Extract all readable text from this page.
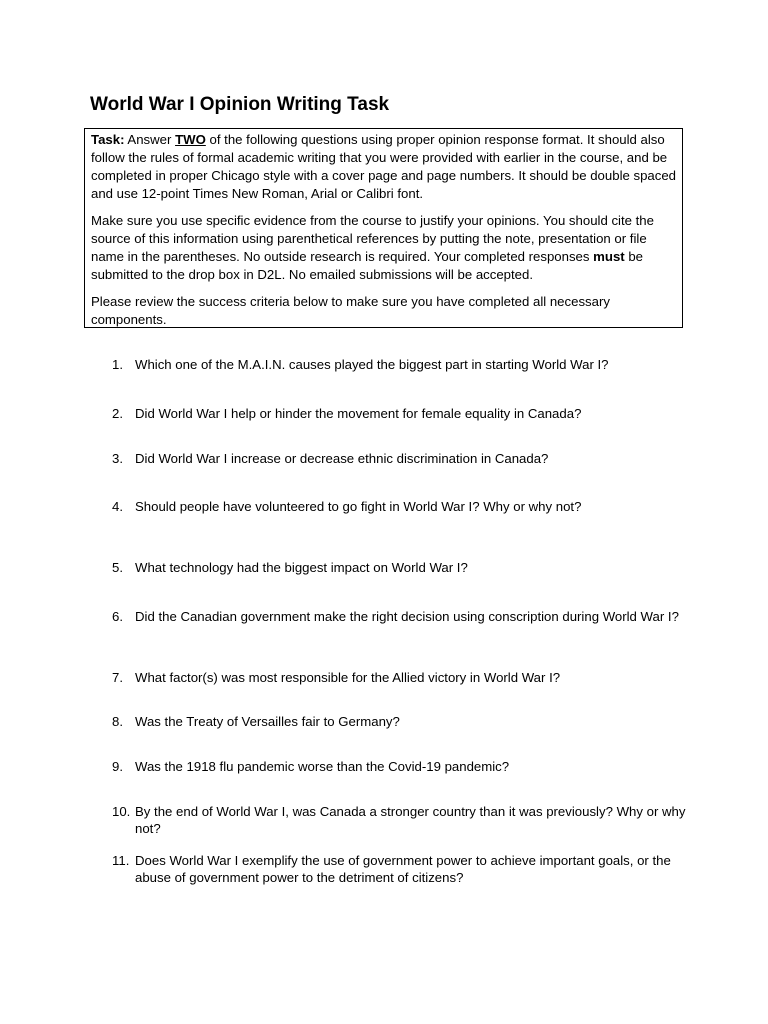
World War I Opinion Writing Task

Task: Answer TWO of the following questions using proper opinion response format. It should also follow the rules of formal academic writing that you were provided with earlier in the course, and be completed in proper Chicago style with a cover page and page numbers. It should be double spaced and use 12-point Times New Roman, Arial or Calibri font.

Make sure you use specific evidence from the course to justify your opinions. You should cite the source of this information using parenthetical references by putting the note, presentation or file name in the parentheses. No outside research is required. Your completed responses must be submitted to the drop box in D2L. No emailed submissions will be accepted.

Please review the success criteria below to make sure you have completed all necessary components.

1. Which one of the M.A.I.N. causes played the biggest part in starting World War I?
2. Did World War I help or hinder the movement for female equality in Canada?
3. Did World War I increase or decrease ethnic discrimination in Canada?
4. Should people have volunteered to go fight in World War I? Why or why not?
5. What technology had the biggest impact on World War I?
6. Did the Canadian government make the right decision using conscription during World War I?
7. What factor(s) was most responsible for the Allied victory in World War I?
8. Was the Treaty of Versailles fair to Germany?
9. Was the 1918 flu pandemic worse than the Covid-19 pandemic?
10. By the end of World War I, was Canada a stronger country than it was previously? Why or why not?
11. Does World War I exemplify the use of government power to achieve important goals, or the abuse of government power to the detriment of citizens?
